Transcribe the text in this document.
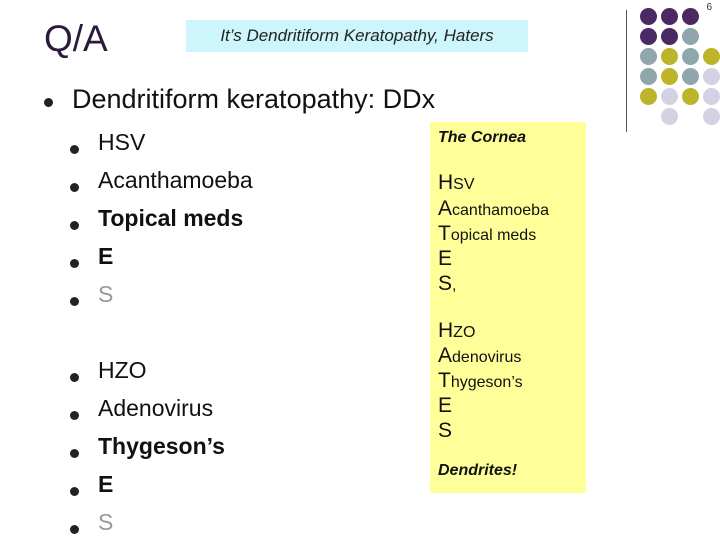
6
Q/A	It’s Dendritiform Keratopathy, Haters
Dendritiform keratopathy: DDx
HSV
Acanthamoeba
Topical meds
E
S
HZO
Adenovirus
Thygeson’s
E
S
The Cornea
HSV
Acanthamoeba
Topical meds
E
S,
HZO
Adenovirus
Thygeson’s
E
S
Dendrites!
